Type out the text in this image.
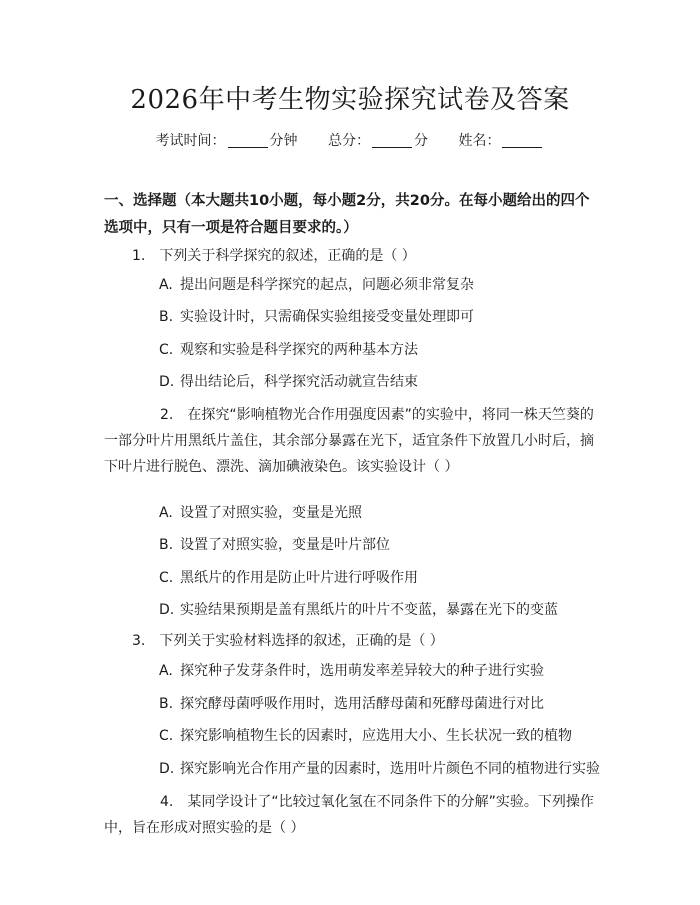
2026年中考生物实验探究试卷及答案
考试时间：	分钟 总分：	分 姓名：
一、选择题（本大题共10小题，每小题2分，共20分。在每小题给出的四个选项中，只有一项是符合题目要求的。）
1. 下列关于科学探究的叙述，正确的是（ ）
A. 提出问题是科学探究的起点，问题必须非常复杂
B. 实验设计时，只需确保实验组接受变量处理即可
C. 观察和实验是科学探究的两种基本方法
D. 得出结论后，科学探究活动就宣告结束
2. 在探究“影响植物光合作用强度因素”的实验中，将同一株天竺葵的一部分叶片用黑纸片盖住，其余部分暴露在光下，适宜条件下放置几小时后，摘下叶片进行脱色、漂洗、滴加碘液染色。该实验设计（ ）
A. 设置了对照实验，变量是光照
B. 设置了对照实验，变量是叶片部位
C. 黑纸片的作用是防止叶片进行呼吸作用
D. 实验结果预期是盖有黑纸片的叶片不变蓝，暴露在光下的变蓝
3. 下列关于实验材料选择的叙述，正确的是（ ）
A. 探究种子发芽条件时，选用萌发率差异较大的种子进行实验
B. 探究酵母菌呼吸作用时，选用活酵母菌和死酵母菌进行对比
C. 探究影响植物生长的因素时，应选用大小、生长状况一致的植物
D. 探究影响光合作用产量的因素时，选用叶片颜色不同的植物进行实验
4. 某同学设计了“比较过氧化氢在不同条件下的分解”实验。下列操作中，旨在形成对照实验的是（ ）
